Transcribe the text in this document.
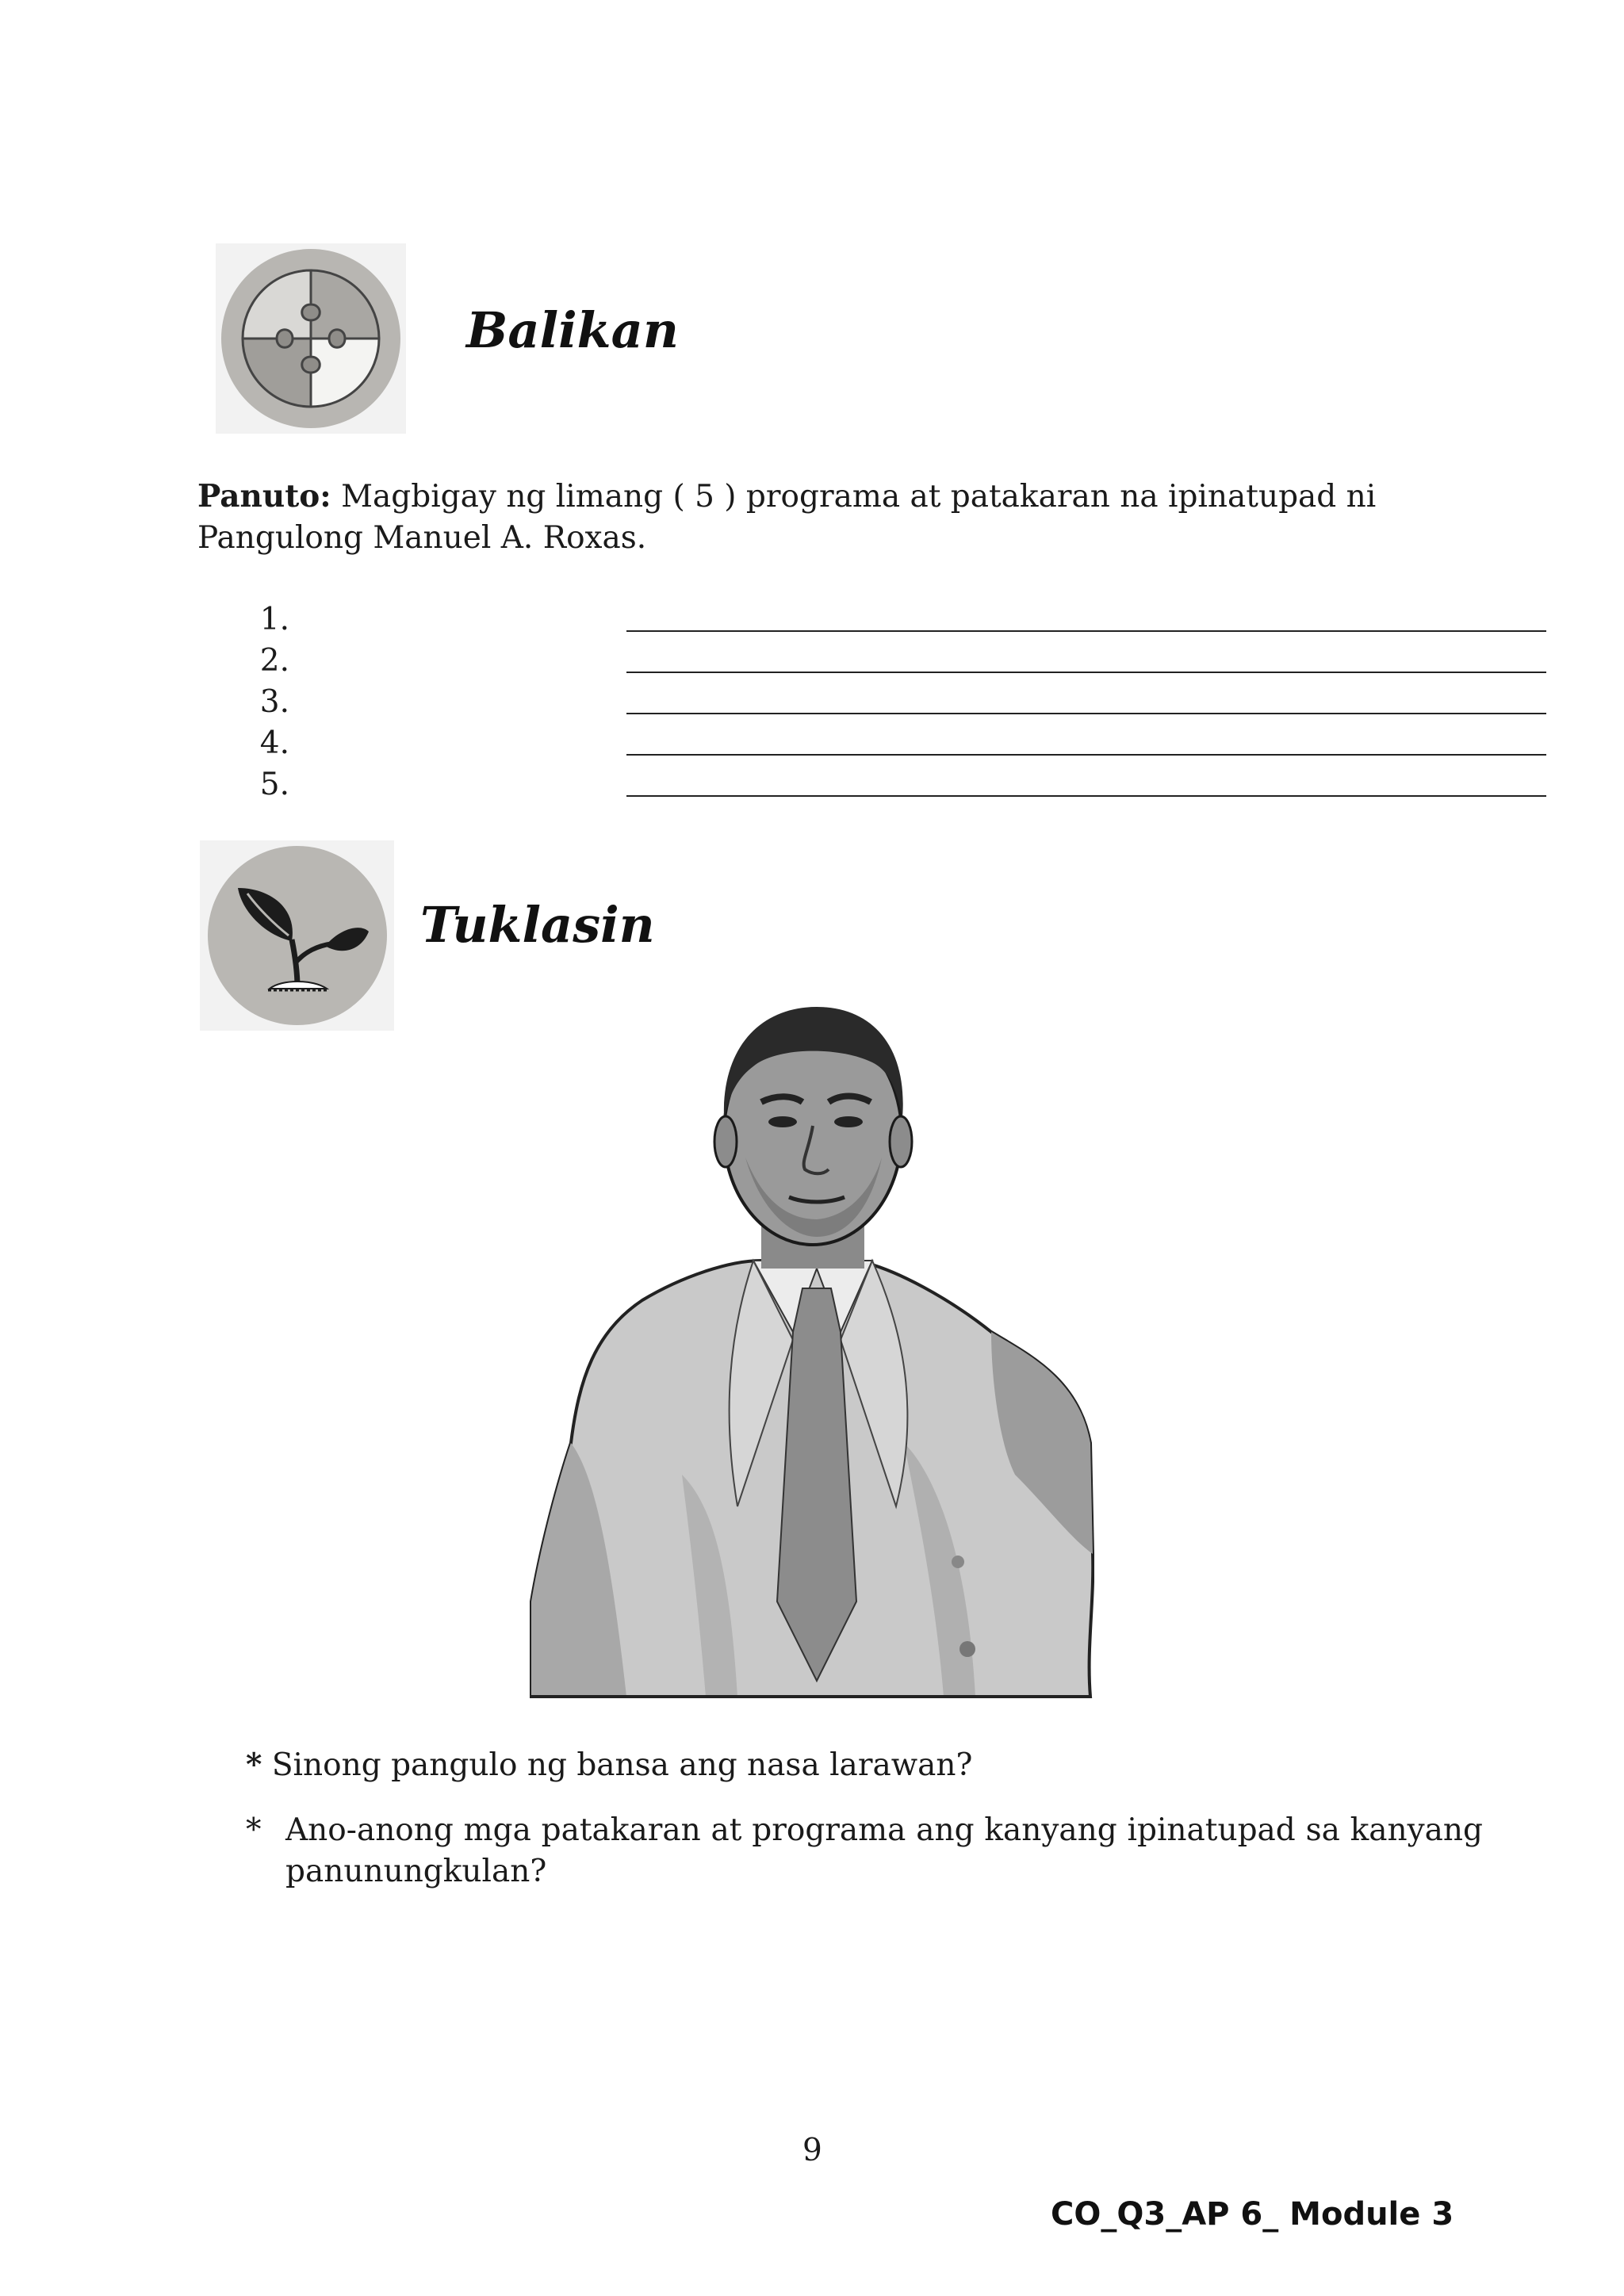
Balikan
Panuto: Magbigay ng limang ( 5 ) programa at patakaran na ipinatupad ni Pangulong Manuel A. Roxas.
1.
2.
3.
4.
5.
Tuklasin
* Sinong pangulo ng bansa ang nasa larawan?
* Ano-anong mga patakaran at programa ang kanyang ipinatupad sa kanyang panunungkulan?
9
CO_Q3_AP 6_ Module 3
